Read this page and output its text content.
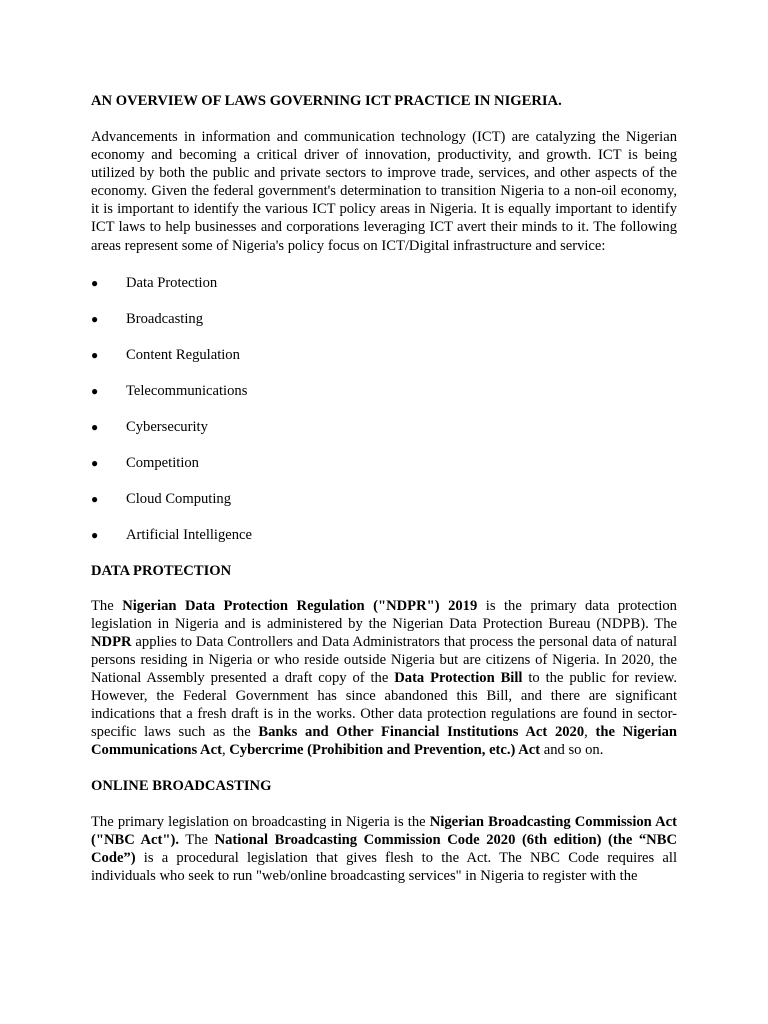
AN OVERVIEW OF LAWS GOVERNING ICT PRACTICE IN NIGERIA.

Advancements in information and communication technology (ICT) are catalyzing the Nigerian economy and becoming a critical driver of innovation, productivity, and growth. ICT is being utilized by both the public and private sectors to improve trade, services, and other aspects of the economy. Given the federal government's determination to transition Nigeria to a non-oil economy, it is important to identify the various ICT policy areas in Nigeria. It is equally important to identify ICT laws to help businesses and corporations leveraging ICT avert their minds to it. The following areas represent some of Nigeria's policy focus on ICT/Digital infrastructure and service:

● Data Protection
● Broadcasting
● Content Regulation
● Telecommunications
● Cybersecurity
● Competition
● Cloud Computing
● Artificial Intelligence
DATA PROTECTION

The Nigerian Data Protection Regulation ("NDPR") 2019 is the primary data protection legislation in Nigeria and is administered by the Nigerian Data Protection Bureau (NDPB). The NDPR applies to Data Controllers and Data Administrators that process the personal data of natural persons residing in Nigeria or who reside outside Nigeria but are citizens of Nigeria. In 2020, the National Assembly presented a draft copy of the Data Protection Bill to the public for review. However, the Federal Government has since abandoned this Bill, and there are significant indications that a fresh draft is in the works. Other data protection regulations are found in sector-specific laws such as the Banks and Other Financial Institutions Act 2020, the Nigerian Communications Act, Cybercrime (Prohibition and Prevention, etc.) Act and so on.

ONLINE BROADCASTING

The primary legislation on broadcasting in Nigeria is the Nigerian Broadcasting Commission Act ("NBC Act"). The National Broadcasting Commission Code 2020 (6th edition) (the “NBC Code”) is a procedural legislation that gives flesh to the Act. The NBC Code requires all individuals who seek to run "web/online broadcasting services" in Nigeria to register with the
